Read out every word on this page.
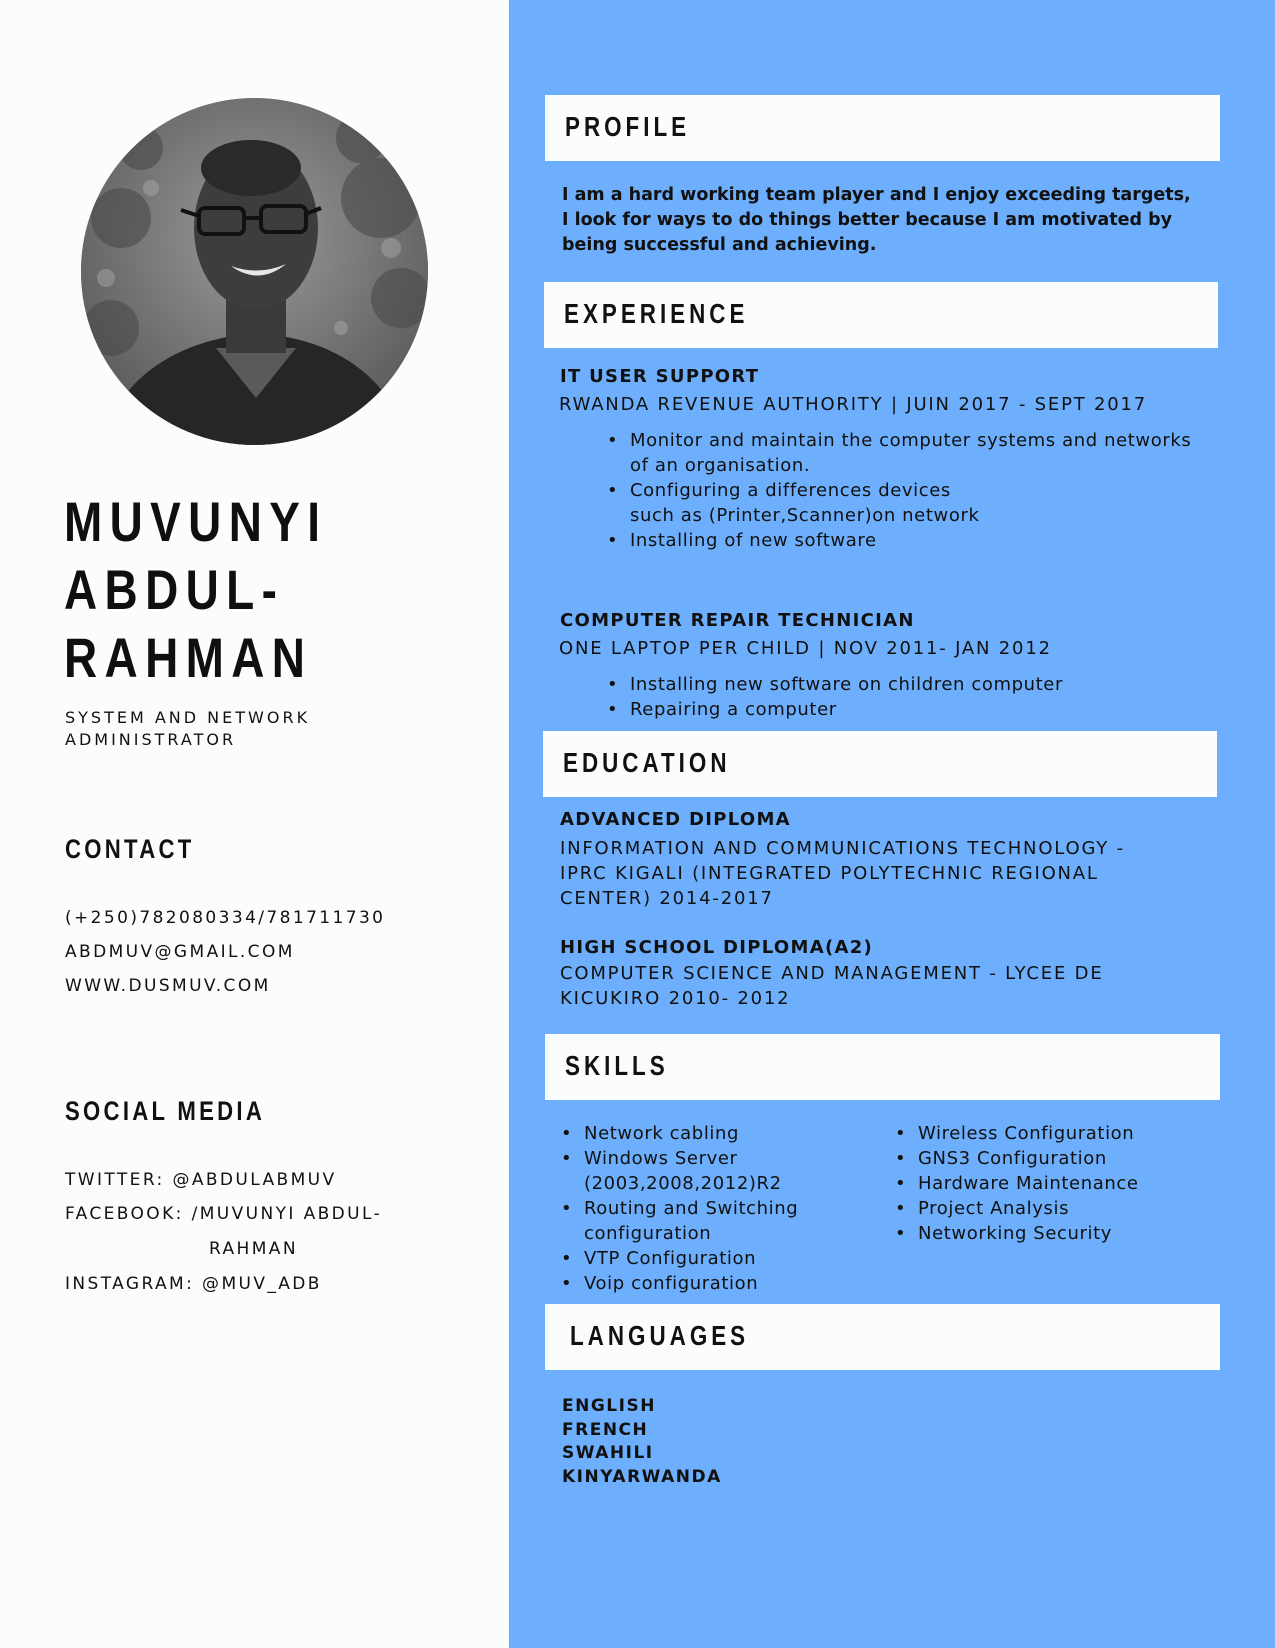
MUVUNYI
ABDUL-
RAHMAN
SYSTEM AND NETWORK ADMINISTRATOR
CONTACT
(+250)782080334/781711730
ABDMUV@GMAIL.COM
WWW.DUSMUV.COM
SOCIAL MEDIA
TWITTER: @ABDULABMUV
FACEBOOK: /MUVUNYI ABDUL-
RAHMAN
INSTAGRAM: @MUV_ADB
PROFILE
I am a hard working team player and I enjoy exceeding targets, I look for ways to do things better because I am motivated by being successful and achieving.
EXPERIENCE
IT USER SUPPORT
RWANDA REVENUE AUTHORITY | JUIN 2017 - SEPT 2017
• Monitor and maintain the computer systems and networks of an organisation.
• Configuring a differences devices such as (Printer,Scanner)on network
• Installing of new software
COMPUTER REPAIR TECHNICIAN
ONE LAPTOP PER CHILD | NOV 2011- JAN 2012
• Installing new software on children computer
• Repairing a computer
EDUCATION
ADVANCED DIPLOMA
INFORMATION AND COMMUNICATIONS TECHNOLOGY - IPRC KIGALI (INTEGRATED POLYTECHNIC REGIONAL CENTER) 2014-2017
HIGH SCHOOL DIPLOMA(A2)
COMPUTER SCIENCE AND MANAGEMENT - LYCEE DE KICUKIRO 2010- 2012
SKILLS
• Network cabling
• Windows Server (2003,2008,2012)R2
• Routing and Switching configuration
• VTP Configuration
• Voip configuration
• Wireless Configuration
• GNS3 Configuration
• Hardware Maintenance
• Project Analysis
• Networking Security
LANGUAGES
ENGLISH
FRENCH
SWAHILI
KINYARWANDA
